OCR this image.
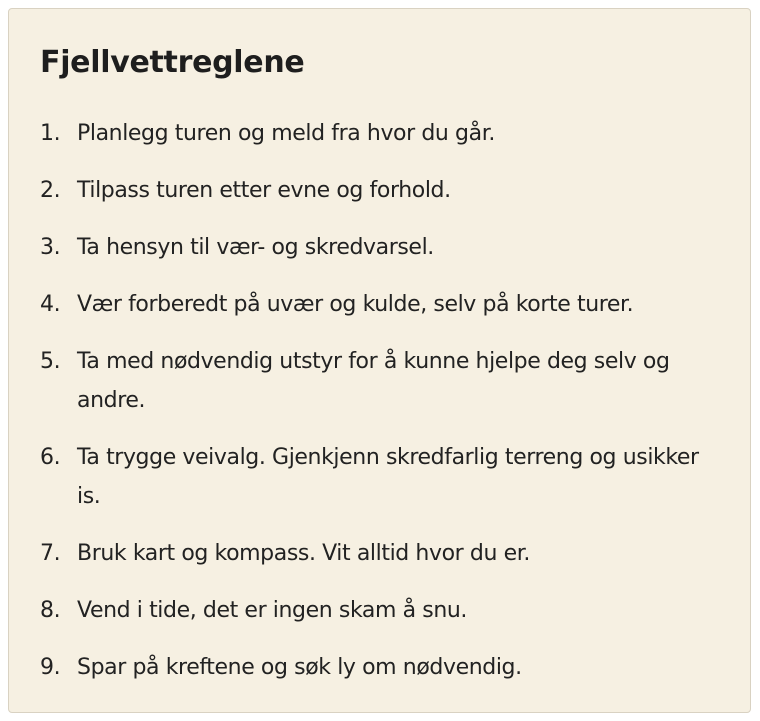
Fjellvettreglene
1. Planlegg turen og meld fra hvor du går.
2. Tilpass turen etter evne og forhold.
3. Ta hensyn til vær- og skredvarsel.
4. Vær forberedt på uvær og kulde, selv på korte turer.
5. Ta med nødvendig utstyr for å kunne hjelpe deg selv og andre.
6. Ta trygge veivalg. Gjenkjenn skredfarlig terreng og usikker is.
7. Bruk kart og kompass. Vit alltid hvor du er.
8. Vend i tide, det er ingen skam å snu.
9. Spar på kreftene og søk ly om nødvendig.
